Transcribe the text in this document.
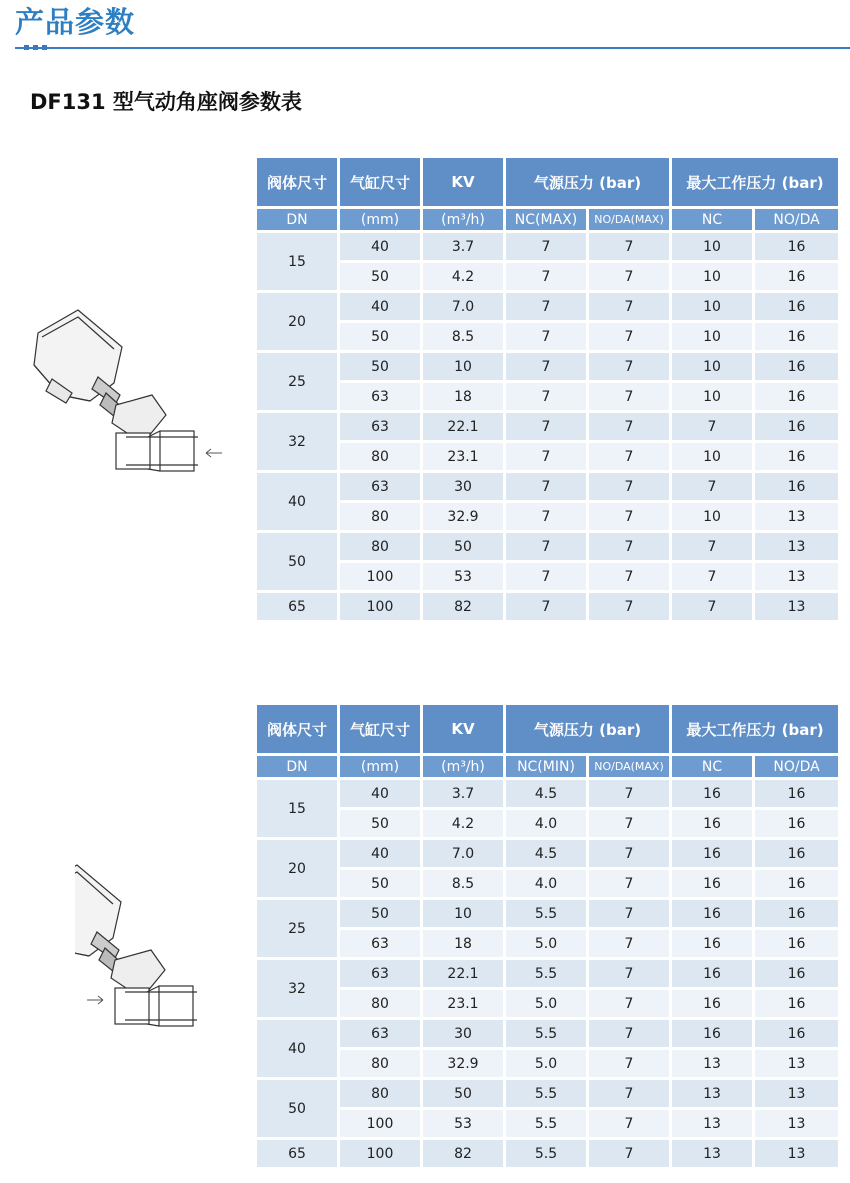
产品参数
DF131 型气动角座阀参数表
阀体尺寸	气缸尺寸	KV	气源压力 (bar)		最大工作压力 (bar)	
DN	(mm)	(m³/h)	NC(MAX)	NO/DA(MAX)	NC	NO/DA
15	40	3.7	7	7	10	16
	50	4.2	7	7	10	16
20	40	7.0	7	7	10	16
	50	8.5	7	7	10	16
25	50	10	7	7	10	16
	63	18	7	7	10	16
32	63	22.1	7	7	7	16
	80	23.1	7	7	10	16
40	63	30	7	7	7	16
	80	32.9	7	7	10	13
50	80	50	7	7	7	13
	100	53	7	7	7	13
65	100	82	7	7	7	13
阀体尺寸	气缸尺寸	KV	气源压力 (bar)		最大工作压力 (bar)	
DN	(mm)	(m³/h)	NC(MIN)	NO/DA(MAX)	NC	NO/DA
15	40	3.7	4.5	7	16	16
	50	4.2	4.0	7	16	16
20	40	7.0	4.5	7	16	16
	50	8.5	4.0	7	16	16
25	50	10	5.5	7	16	16
	63	18	5.0	7	16	16
32	63	22.1	5.5	7	16	16
	80	23.1	5.0	7	16	16
40	63	30	5.5	7	16	16
	80	32.9	5.0	7	13	13
50	80	50	5.5	7	13	13
	100	53	5.5	7	13	13
65	100	82	5.5	7	13	13
